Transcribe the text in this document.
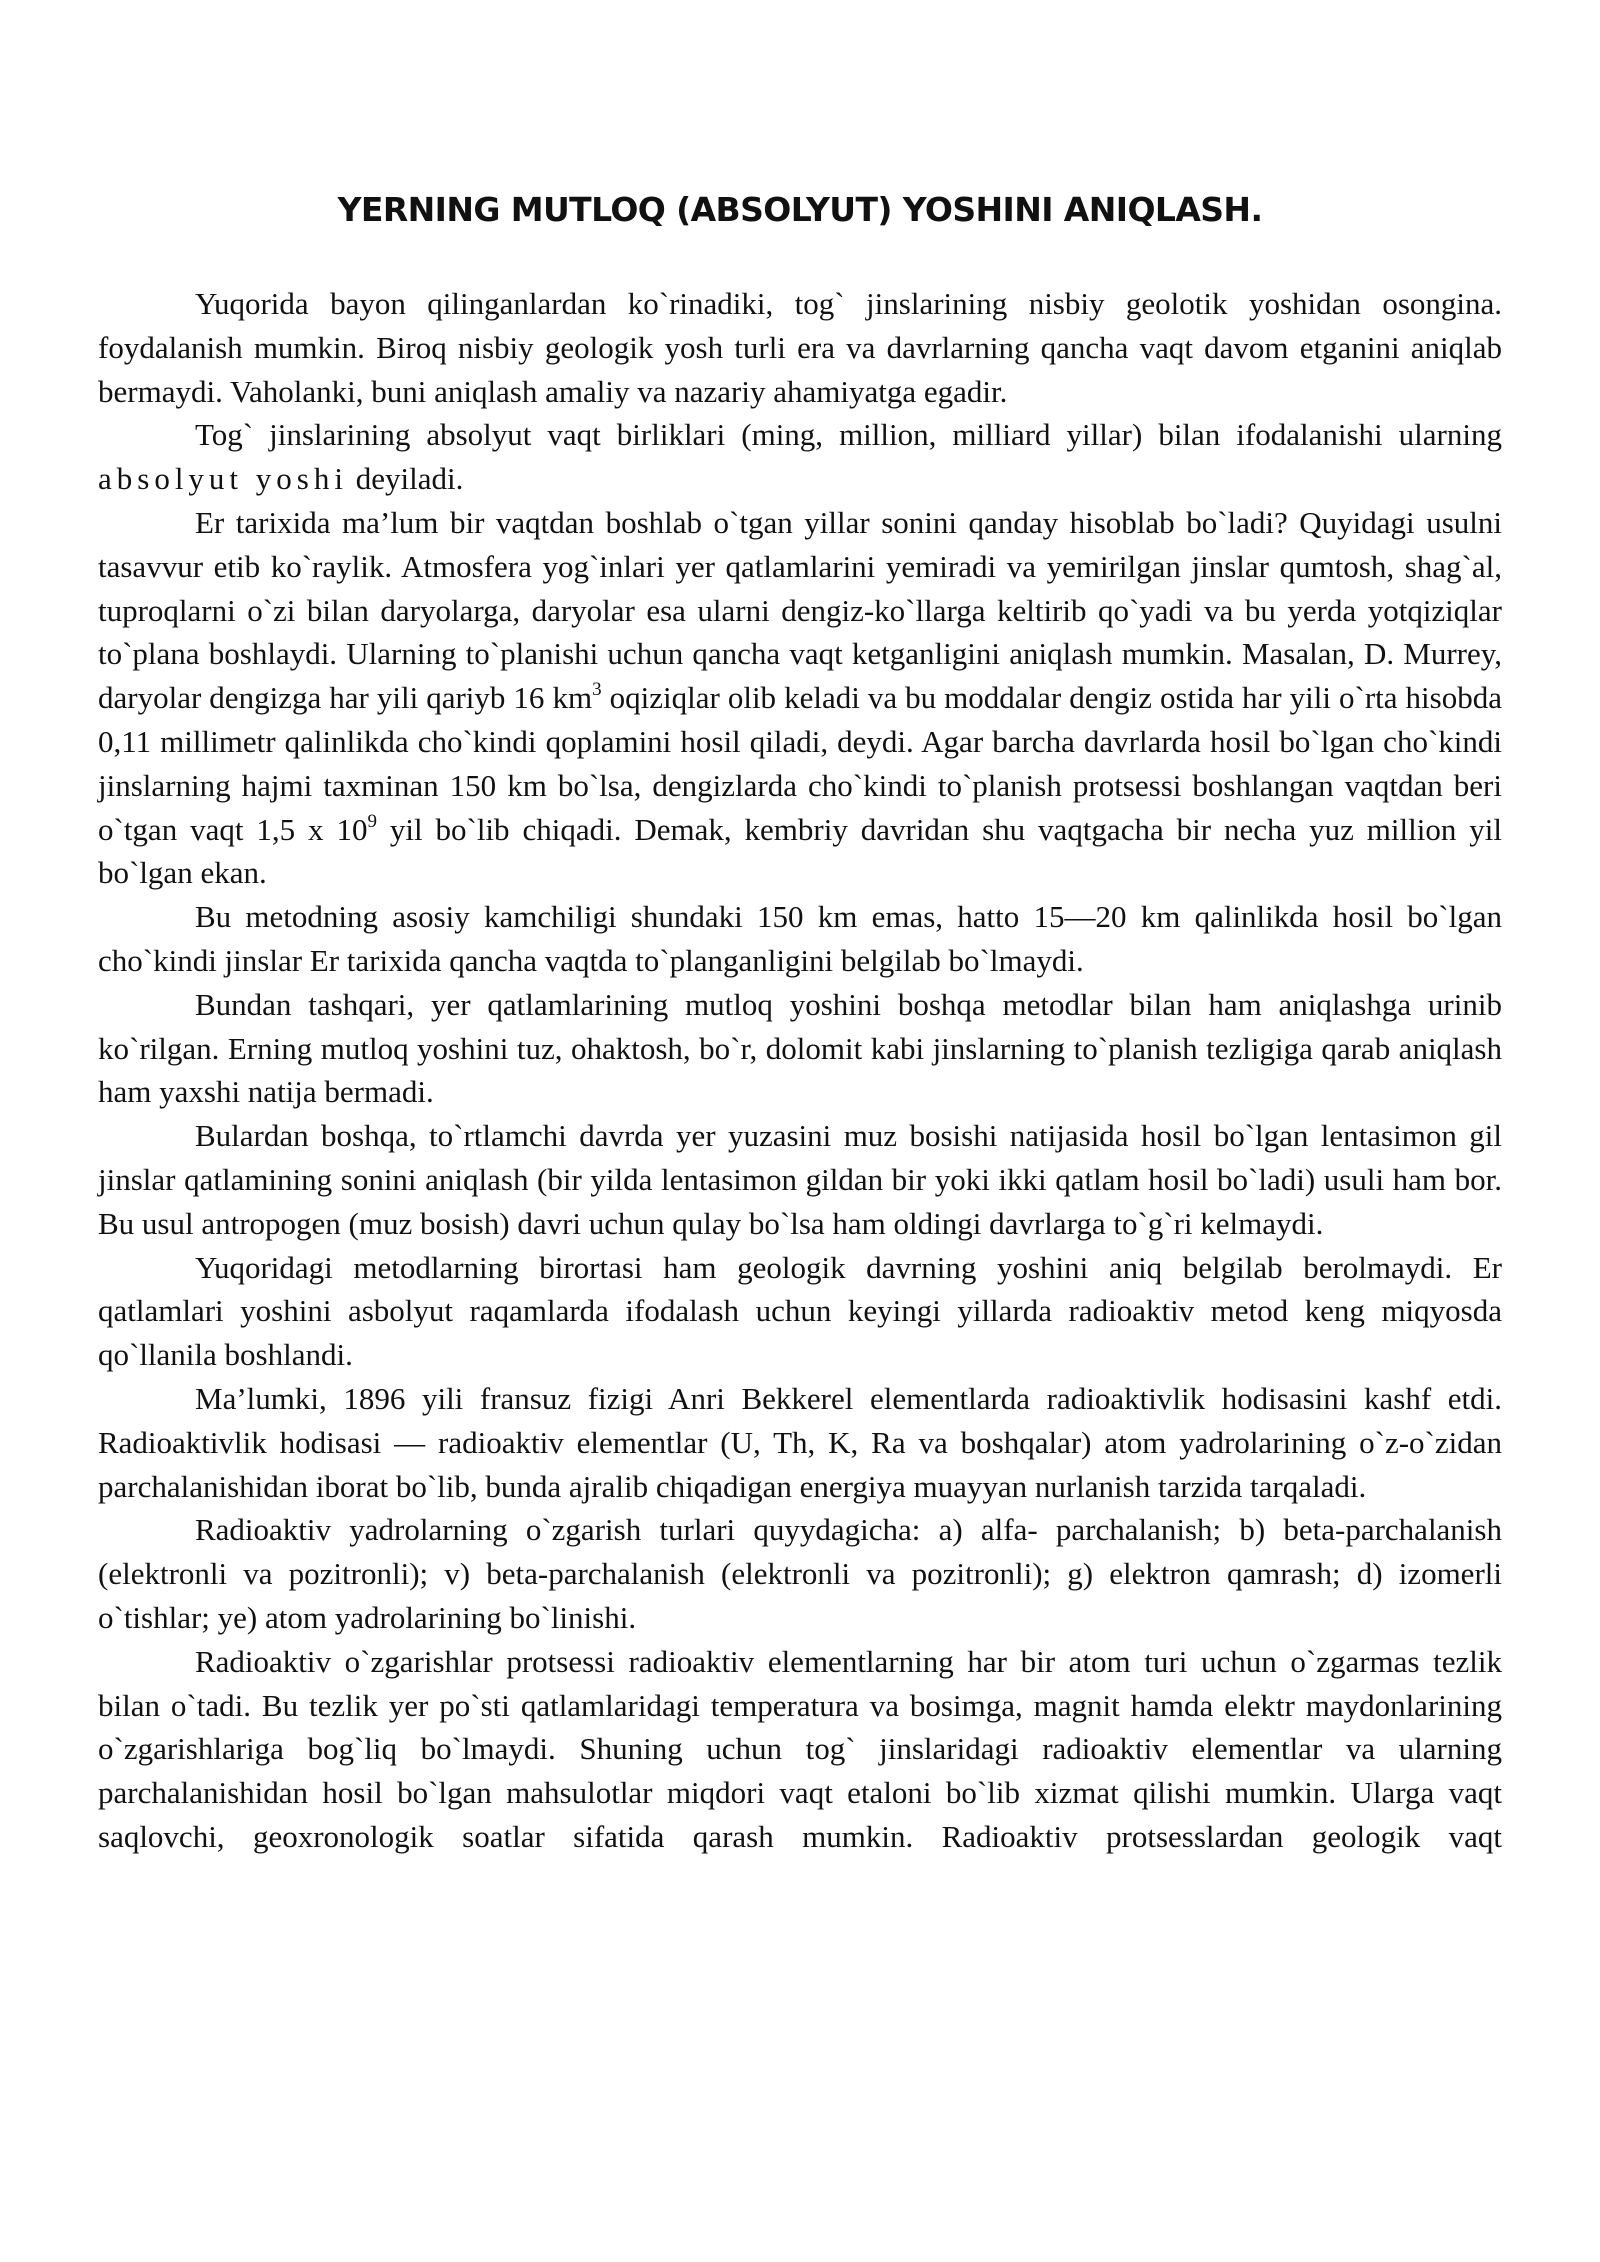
YERNING MUTLOQ (ABSOLYUT) YOSHINI ANIQLASH.

Yuqorida bayon qilinganlardan ko`rinadiki, tog` jinslarining nisbiy geolotik yoshidan osongina. foydalanish mumkin. Biroq nisbiy geologik yosh turli era va davrlarning qancha vaqt davom etganini aniqlab bermaydi. Vaholanki, buni aniqlash amaliy va nazariy ahamiyatga egadir.

Tog` jinslarining absolyut vaqt birliklari (ming, million, milliard yillar) bilan ifodalanishi ularning absolyut yoshi deyiladi.

Er tarixida ma’lum bir vaqtdan boshlab o`tgan yillar sonini qanday hisoblab bo`ladi? Quyidagi usulni tasavvur etib ko`raylik. Atmosfera yog`inlari yer qatlamlarini yemiradi va yemirilgan jinslar qumtosh, shag`al, tuproqlarni o`zi bilan daryolarga, daryolar esa ularni dengiz-ko`llarga keltirib qo`yadi va bu yerda yotqiziqlar to`plana boshlaydi. Ularning to`planishi uchun qancha vaqt ketganligini aniqlash mumkin. Masalan, D. Murrey, daryolar dengizga har yili qariyb 16 $km^3$ oqiziqlar olib keladi va bu moddalar dengiz ostida har yili o`rta hisobda 0,11 millimetr qalinlikda cho`kindi qoplamini hosil qiladi, deydi. Agar barcha davrlarda hosil bo`lgan cho`kindi jinslarning hajmi taxminan 150 km bo`lsa, dengizlarda cho`kindi to`planish protsessi boshlangan vaqtdan beri o`tgan vaqt 1,5 x $10^9$ yil bo`lib chiqadi. Demak, kembriy davridan shu vaqtgacha bir necha yuz million yil bo`lgan ekan.

Bu metodning asosiy kamchiligi shundaki 150 km emas, hatto 15—20 km qalinlikda hosil bo`lgan cho`kindi jinslar Er tarixida qancha vaqtda to`planganligini belgilab bo`lmaydi.

Bundan tashqari, yer qatlamlarining mutloq yoshini boshqa metodlar bilan ham aniqlashga urinib ko`rilgan. Erning mutloq yoshini tuz, ohaktosh, bo`r, dolomit kabi jinslarning to`planish tezligiga qarab aniqlash ham yaxshi natija bermadi.

Bulardan boshqa, to`rtlamchi davrda yer yuzasini muz bosishi natijasida hosil bo`lgan lentasimon gil jinslar qatlamining sonini aniqlash (bir yilda lentasimon gildan bir yoki ikki qatlam hosil bo`ladi) usuli ham bor. Bu usul antropogen (muz bosish) davri uchun qulay bo`lsa ham oldingi davrlarga to`g`ri kelmaydi.

Yuqoridagi metodlarning birortasi ham geologik davrning yoshini aniq belgilab berolmaydi. Er qatlamlari yoshini asbolyut raqamlarda ifodalash uchun keyingi yillarda radioaktiv metod keng miqyosda qo`llanila boshlandi.

Ma’lumki, 1896 yili fransuz fizigi Anri Bekkerel elementlarda radioaktivlik hodisasini kashf etdi. Radioaktivlik hodisasi — radioaktiv elementlar (U, Th, K, Ra va boshqalar) atom yadrolarining o`z-o`zidan parchalanishidan iborat bo`lib, bunda ajralib chiqadigan energiya muayyan nurlanish tarzida tarqaladi.

Radioaktiv yadrolarning o`zgarish turlari quyydagicha: a) alfa- parchalanish; b) beta-parchalanish (elektronli va pozitronli); v) beta-parchalanish (elektronli va pozitronli); g) elektron qamrash; d) izomerli o`tishlar; ye) atom yadrolarining bo`linishi.

Radioaktiv o`zgarishlar protsessi radioaktiv elementlarning har bir atom turi uchun o`zgarmas tezlik bilan o`tadi. Bu tezlik yer po`sti qatlamlaridagi temperatura va bosimga, magnit hamda elektr maydonlarining o`zgarishlariga bog`liq bo`lmaydi. Shuning uchun tog` jinslaridagi radioaktiv elementlar va ularning parchalanishidan hosil bo`lgan mahsulotlar miqdori vaqt etaloni bo`lib xizmat qilishi mumkin. Ularga vaqt saqlovchi, geoxronologik soatlar sifatida qarash mumkin. Radioaktiv protsesslardan geologik vaqt
